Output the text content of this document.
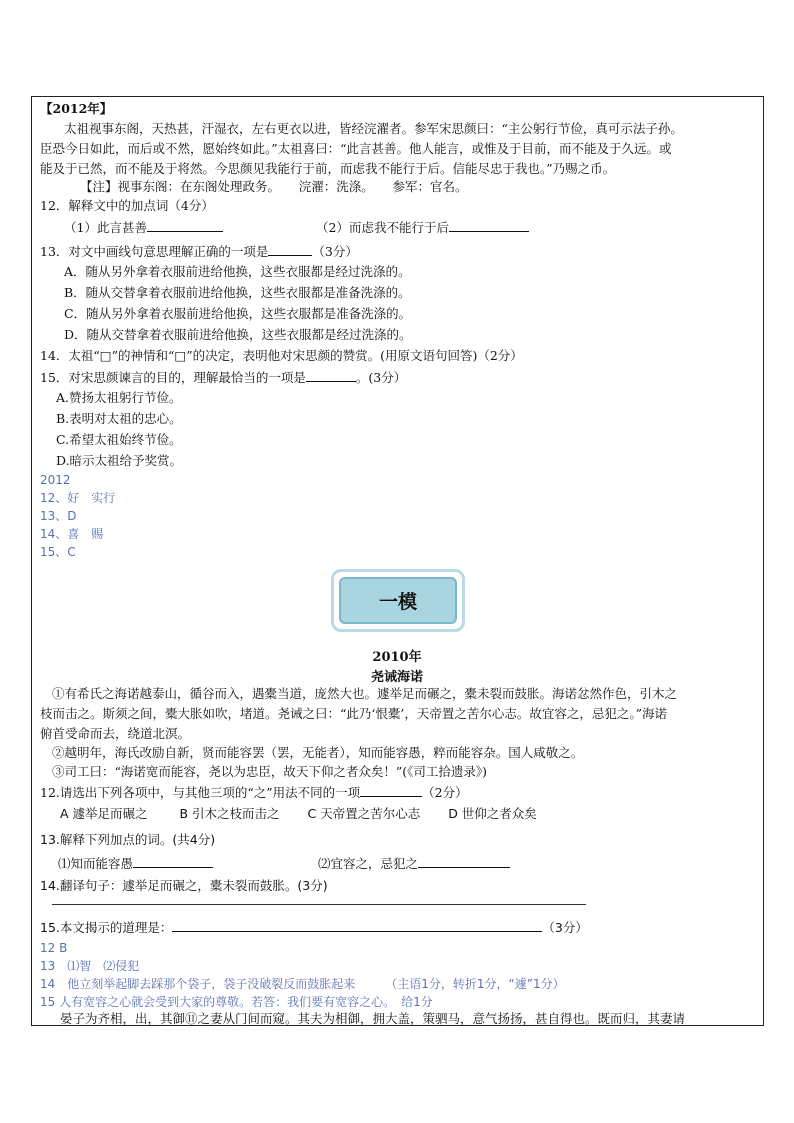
【2012年】
太祖视事东阁，天热甚，汗湿衣，左右更衣以进，皆经浣濯者。参军宋思颜曰：“主公躬行节俭，真可示法子孙。
臣恐今日如此，而后或不然，愿始终如此。”太祖喜曰：“此言甚善。他人能言，或惟及于目前，而不能及于久远。或
能及于已然，而不能及于将然。今思颜见我能行于前，而虑我不能行于后。信能尽忠于我也。”乃赐之币。
【注】视事东阁：在东阁处理政务。　　浣濯：洗涤。　　参军：官名。
12．解释文中的加点词（4分）
（1）此言甚善	（2）而虑我不能行于后
13．对文中画线句意思理解正确的一项是	（3分）
A．随从另外拿着衣服前进给他换，这些衣服都是经过洗涤的。
B．随从交替拿着衣服前进给他换，这些衣服都是准备洗涤的。
C．随从另外拿着衣服前进给他换，这些衣服都是准备洗涤的。
D．随从交替拿着衣服前进给他换，这些衣服都是经过洗涤的。
14．太祖“□”的神情和“□”的决定，表明他对宋思颜的赞赏。(用原文语句回答)（2分）
15．对宋思颜谏言的目的，理解最恰当的一项是	。(3分）
A.赞扬太祖躬行节俭。
B.表明对太祖的忠心。
C.希望太祖始终节俭。
D.暗示太祖给予奖赏。
2012
12、好　实行
13、D
14、喜　赐
15、C
一模
2010年
尧诫海诺
①有希氏之海诺越泰山，循谷而入，遇橐当道，庞然大也。遽举足而碾之，橐未裂而鼓胀。海诺忿然作色，引木之
枝而击之。斯须之间，橐大胀如吹，堵道。尧诫之曰：“此乃‘恨橐’，天帝置之苦尔心志。故宜容之，忌犯之。”海诺
俯首受命而去，绕道北溟。
②越明年，海氏改励自新，贤而能容罢（罢，无能者），知而能容愚，粹而能容杂。国人咸敬之。
③司工曰：“海诺宽而能容，尧以为忠臣，故天下仰之者众矣！”(《司工拾遗录》)
12.请选出下列各项中，与其他三项的“之”用法不同的一项	（2分）
A 遽举足而碾之	B 引木之枝而击之 C 天帝置之苦尔心志 D 世仰之者众矣
13.解释下列加点的词。(共4分)
⑴知而能容愚	⑵宜容之，忌犯之
14.翻译句子：遽举足而碾之，橐未裂而鼓胀。(3分)
15.本文揭示的道理是：	（3分）
12 B
13　⑴智　⑵侵犯
14　他立刻举起脚去踩那个袋子，袋子没破裂反而鼓胀起来　　　（主语1分，转折1分，“遽”1分）
15 人有宽容之心就会受到大家的尊敬。若答：我们要有宽容之心。　给1分
晏子为齐相，出，其御⑪之妻从门间而窥。其夫为相御，拥大盖，策驷马，意气扬扬，甚自得也。既而归，其妻请
